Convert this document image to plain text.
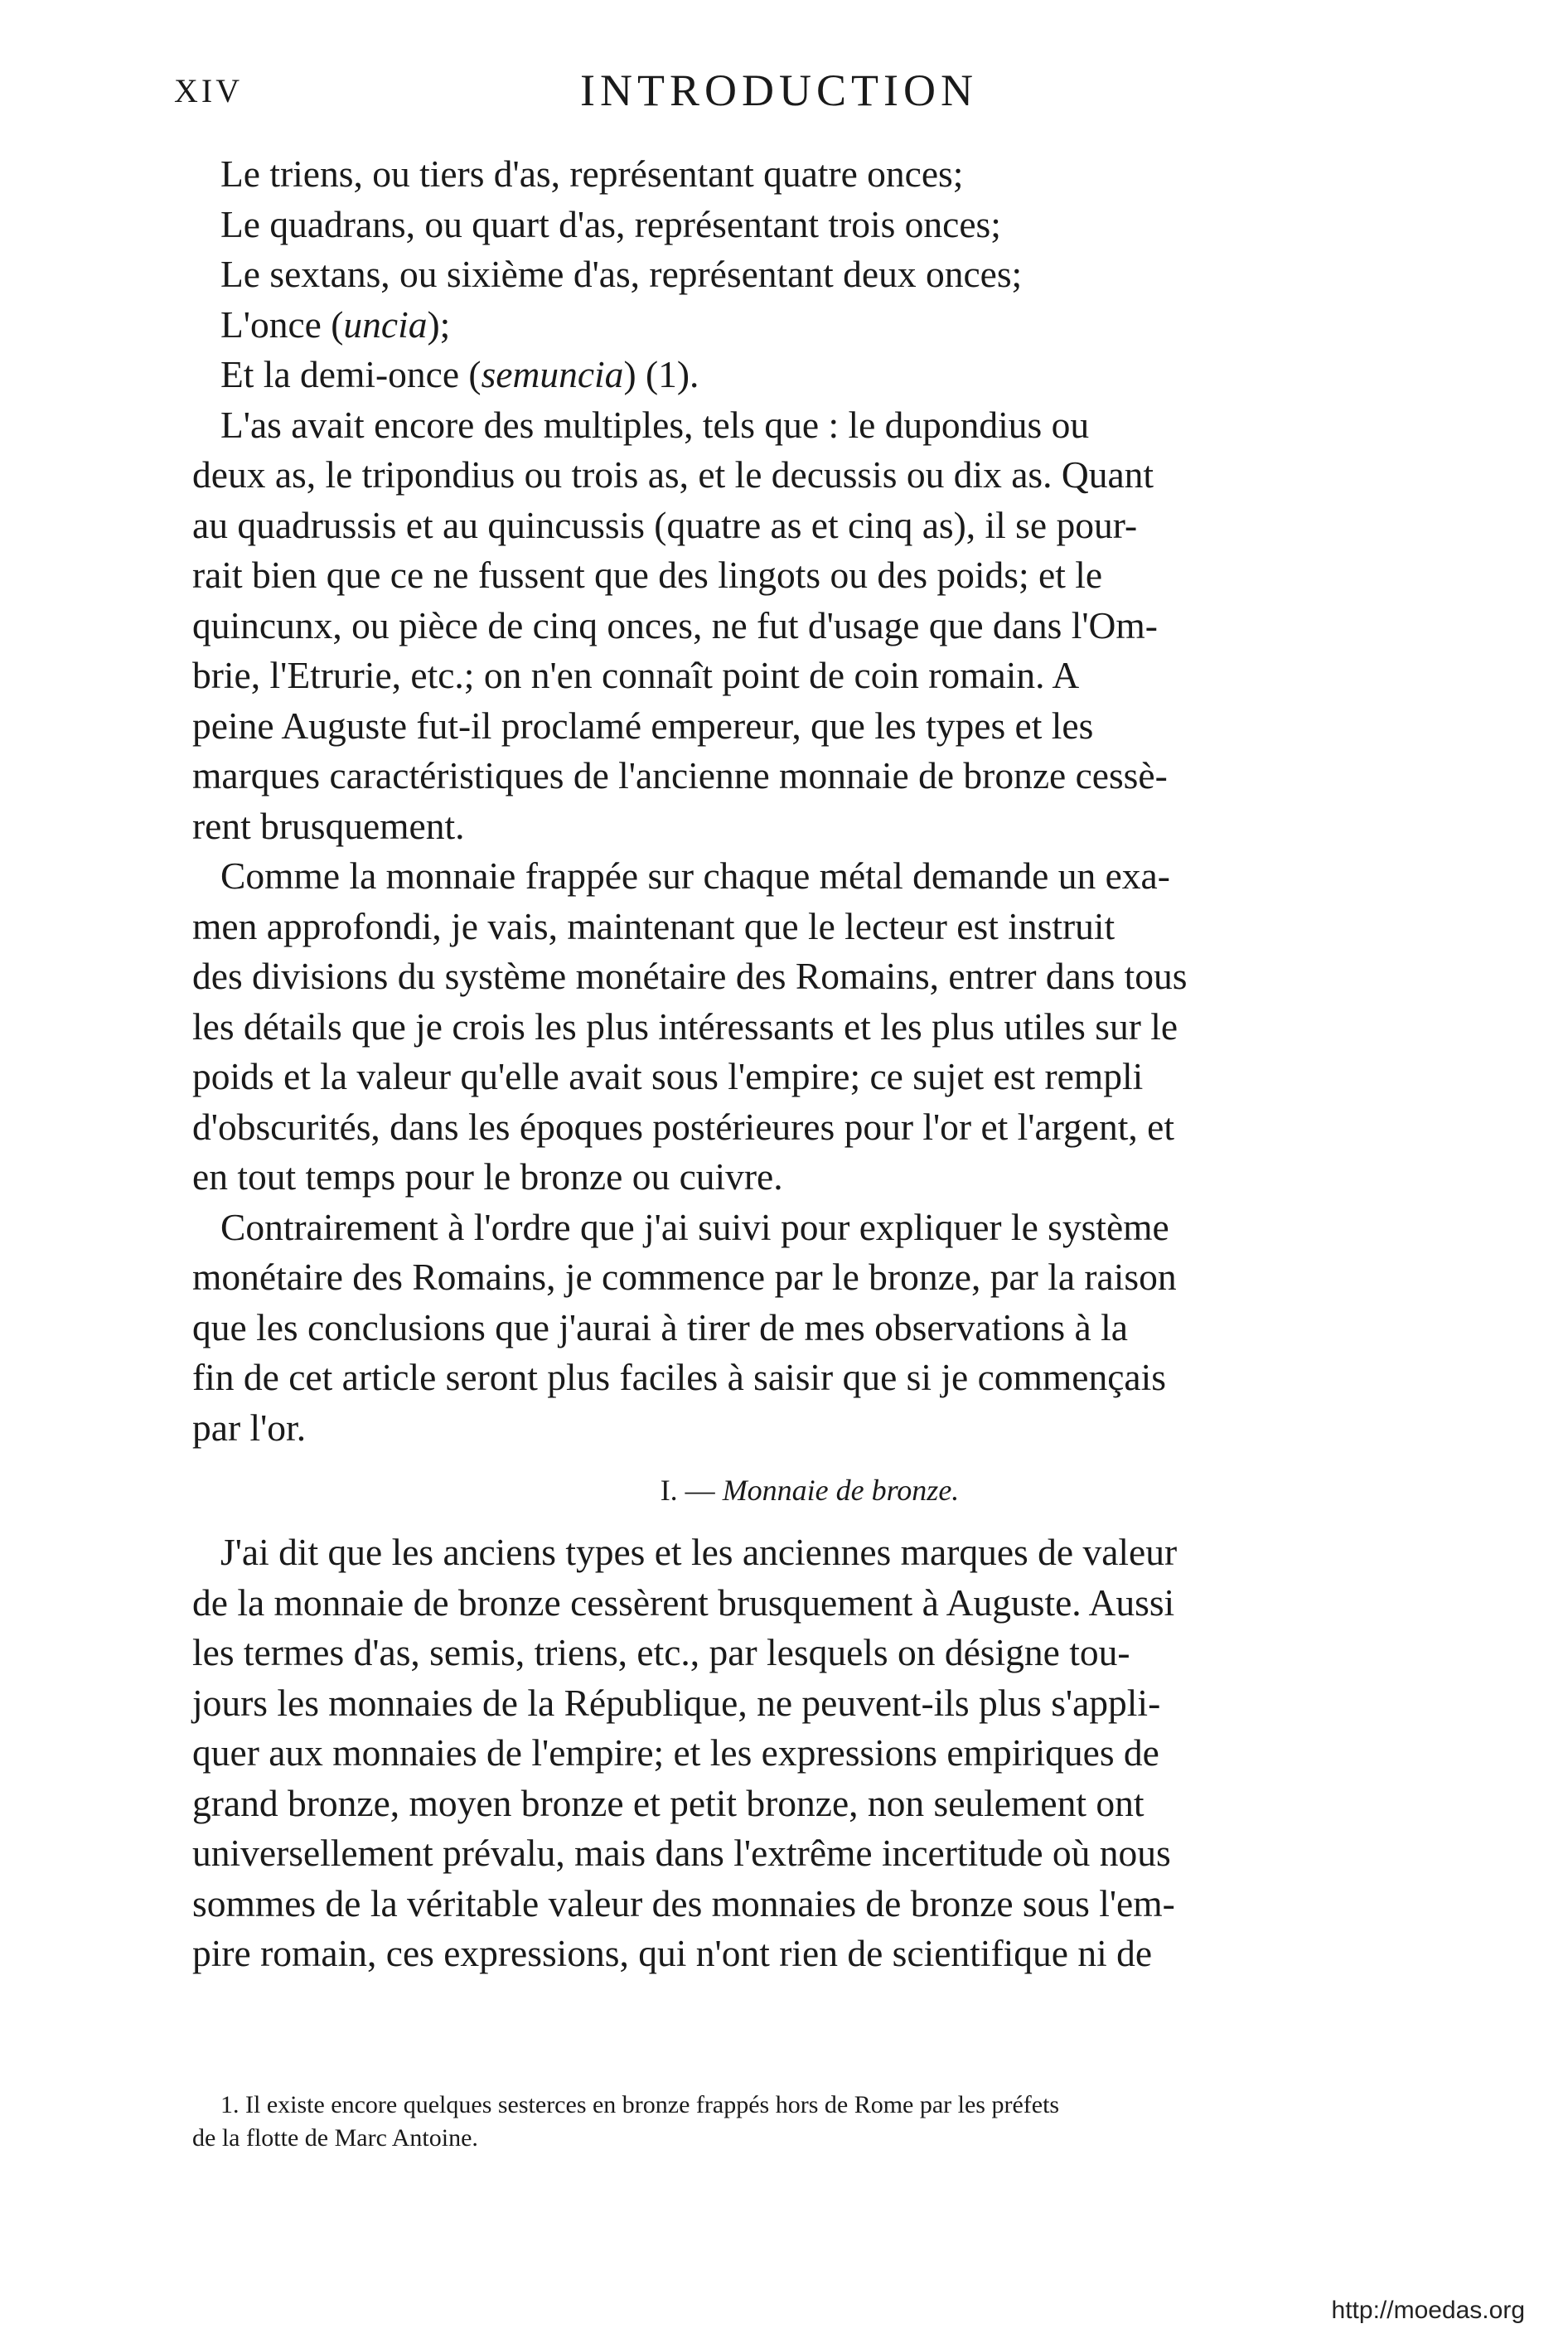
XIV	INTRODUCTION
Le triens, ou tiers d'as, représentant quatre onces;
Le quadrans, ou quart d'as, représentant trois onces;
Le sextans, ou sixième d'as, représentant deux onces;
L'once (uncia);
Et la demi-once (semuncia) (1).
L'as avait encore des multiples, tels que : le dupondius ou
deux as, le tripondius ou trois as, et le decussis ou dix as. Quant
au quadrussis et au quincussis (quatre as et cinq as), il se pour-
rait bien que ce ne fussent que des lingots ou des poids; et le
quincunx, ou pièce de cinq onces, ne fut d'usage que dans l'Om-
brie, l'Etrurie, etc.; on n'en connaît point de coin romain. A
peine Auguste fut-il proclamé empereur, que les types et les
marques caractéristiques de l'ancienne monnaie de bronze cessè-
rent brusquement.
Comme la monnaie frappée sur chaque métal demande un exa-
men approfondi, je vais, maintenant que le lecteur est instruit
des divisions du système monétaire des Romains, entrer dans tous
les détails que je crois les plus intéressants et les plus utiles sur le
poids et la valeur qu'elle avait sous l'empire; ce sujet est rempli
d'obscurités, dans les époques postérieures pour l'or et l'argent, et
en tout temps pour le bronze ou cuivre.
Contrairement à l'ordre que j'ai suivi pour expliquer le système
monétaire des Romains, je commence par le bronze, par la raison
que les conclusions que j'aurai à tirer de mes observations à la
fin de cet article seront plus faciles à saisir que si je commençais
par l'or.
I. — Monnaie de bronze.
J'ai dit que les anciens types et les anciennes marques de valeur
de la monnaie de bronze cessèrent brusquement à Auguste. Aussi
les termes d'as, semis, triens, etc., par lesquels on désigne tou-
jours les monnaies de la République, ne peuvent-ils plus s'appli-
quer aux monnaies de l'empire; et les expressions empiriques de
grand bronze, moyen bronze et petit bronze, non seulement ont
universellement prévalu, mais dans l'extrême incertitude où nous
sommes de la véritable valeur des monnaies de bronze sous l'em-
pire romain, ces expressions, qui n'ont rien de scientifique ni de
1. Il existe encore quelques sesterces en bronze frappés hors de Rome par les préfets
de la flotte de Marc Antoine.
http://moedas.org
